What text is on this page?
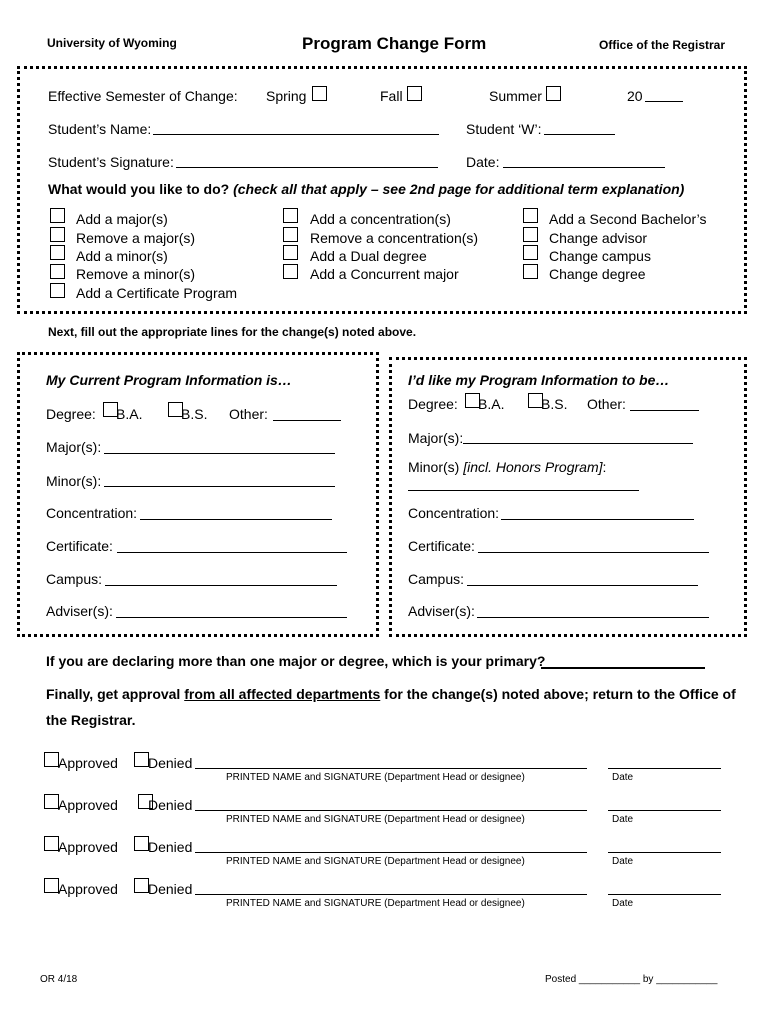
University of Wyoming	Program Change Form	Office of the Registrar
Effective Semester of Change: Spring	Fall	Summer	20
Student’s Name:	Student ‘W’:
Student’s Signature:	Date:
What would you like to do? (check all that apply – see 2nd page for additional term explanation)
Add a major(s)
Remove a major(s)
Add a minor(s)
Remove a minor(s)
Add a Certificate Program
Add a concentration(s)
Remove a concentration(s)
Add a Dual degree
Add a Concurrent major
Add a Second Bachelor’s
Change advisor
Change campus
Change degree
Next, fill out the appropriate lines for the change(s) noted above.
My Current Program Information is…
Degree: B.A.	B.S. Other:
Major(s):
Minor(s):
Concentration:
Certificate:
Campus:
Adviser(s):
I’d like my Program Information to be…
Degree: B.A.	B.S. Other:
Major(s):
Minor(s) [incl. Honors Program]:
Concentration:
Certificate:
Campus:
Adviser(s):
If you are declaring more than one major or degree, which is your primary?
Finally, get approval from all affected departments for the change(s) noted above; return to the Office of
the Registrar.
Approved Denied
PRINTED NAME and SIGNATURE (Department Head or designee)	Date
Approved Denied
PRINTED NAME and SIGNATURE (Department Head or designee)	Date
Approved Denied
PRINTED NAME and SIGNATURE (Department Head or designee)	Date
Approved Denied
PRINTED NAME and SIGNATURE (Department Head or designee)	Date
OR 4/18	Posted ___________ by ___________
